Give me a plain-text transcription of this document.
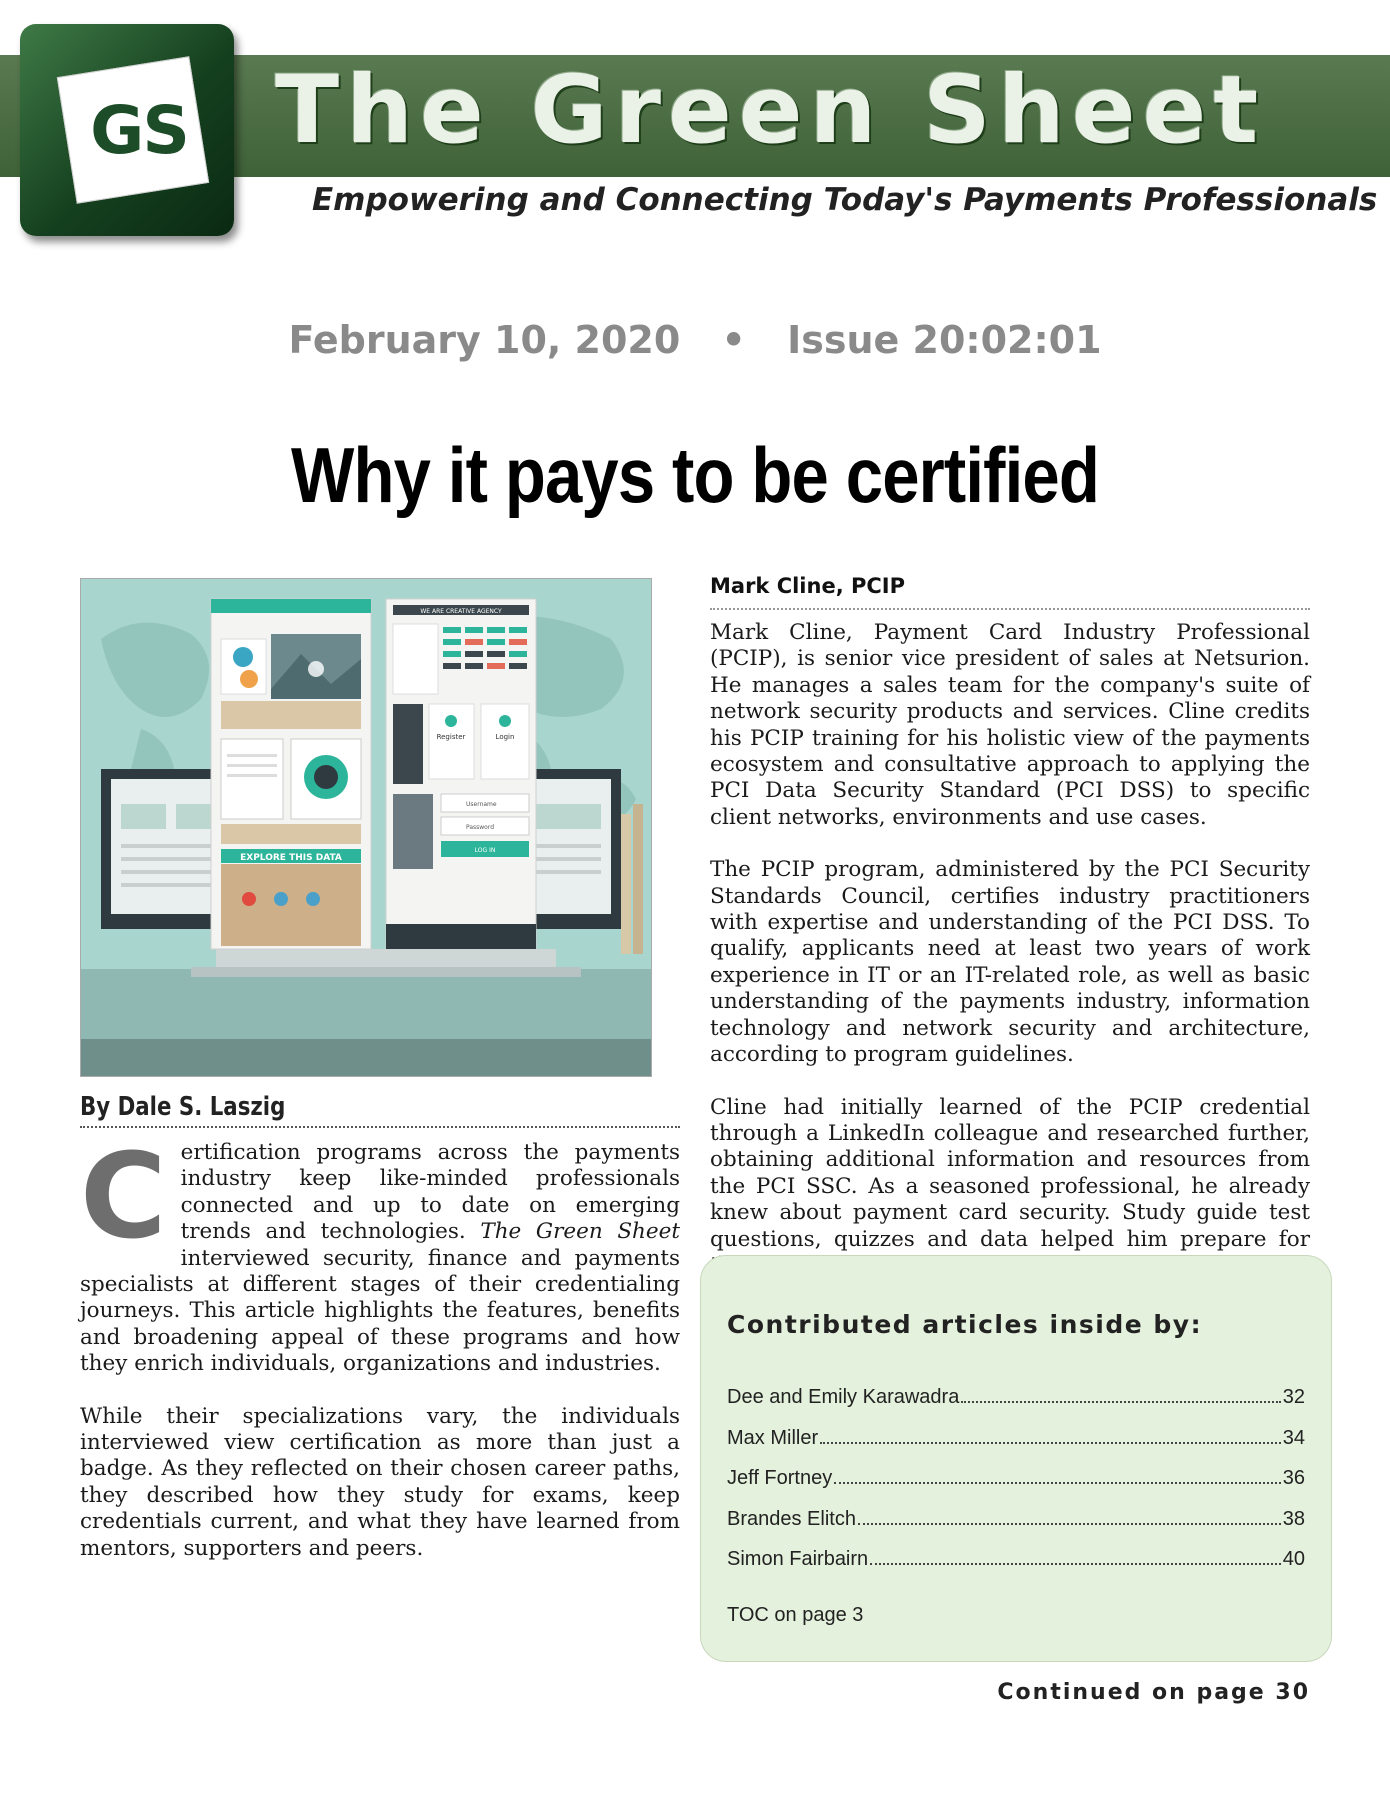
GS The Green Sheet
Empowering and Connecting Today's Payments Professionals
February 10, 2020 • Issue 20:02:01
Why it pays to be certified
EXPLORE THIS DATA
WE ARE CREATIVE AGENCY
Register	Login
Username
Password
LOG IN
By Dale S. Laszig

Certification programs across the payments industry keep like-minded professionals connected and up to date on emerging trends and technologies. The Green Sheet interviewed security, finance and payments specialists at different stages of their credentialing journeys. This article highlights the features, benefits and broadening appeal of these programs and how they enrich individuals, organizations and industries.

While their specializations vary, the individuals interviewed view certification as more than just a badge. As they reflected on their chosen career paths, they described how they study for exams, keep credentials current, and what they have learned from mentors, supporters and peers.

Mark Cline, PCIP

Mark Cline, Payment Card Industry Professional (PCIP), is senior vice president of sales at Netsurion. He manages a sales team for the company's suite of network security products and services. Cline credits his PCIP training for his holistic view of the payments ecosystem and consultative approach to applying the PCI Data Security Standard (PCI DSS) to specific client networks, environments and use cases.

The PCIP program, administered by the PCI Security Standards Council, certifies industry practitioners with expertise and understanding of the PCI DSS. To qualify, applicants need at least two years of work experience in IT or an IT-related role, as well as basic understanding of the payments industry, information technology and network security and architecture, according to program guidelines.

Cline had initially learned of the PCIP credential through a LinkedIn colleague and researched further, obtaining additional information and resources from the PCI SSC. As a seasoned professional, he already knew about payment card security. Study guide test questions, quizzes and data helped him prepare for

Contributed articles inside by:
Dee and Emily Karawadra	32
Max Miller	34
Jeff Fortney	36
Brandes Elitch	38
Simon Fairbairn	40
TOC on page 3
Continued on page 30
